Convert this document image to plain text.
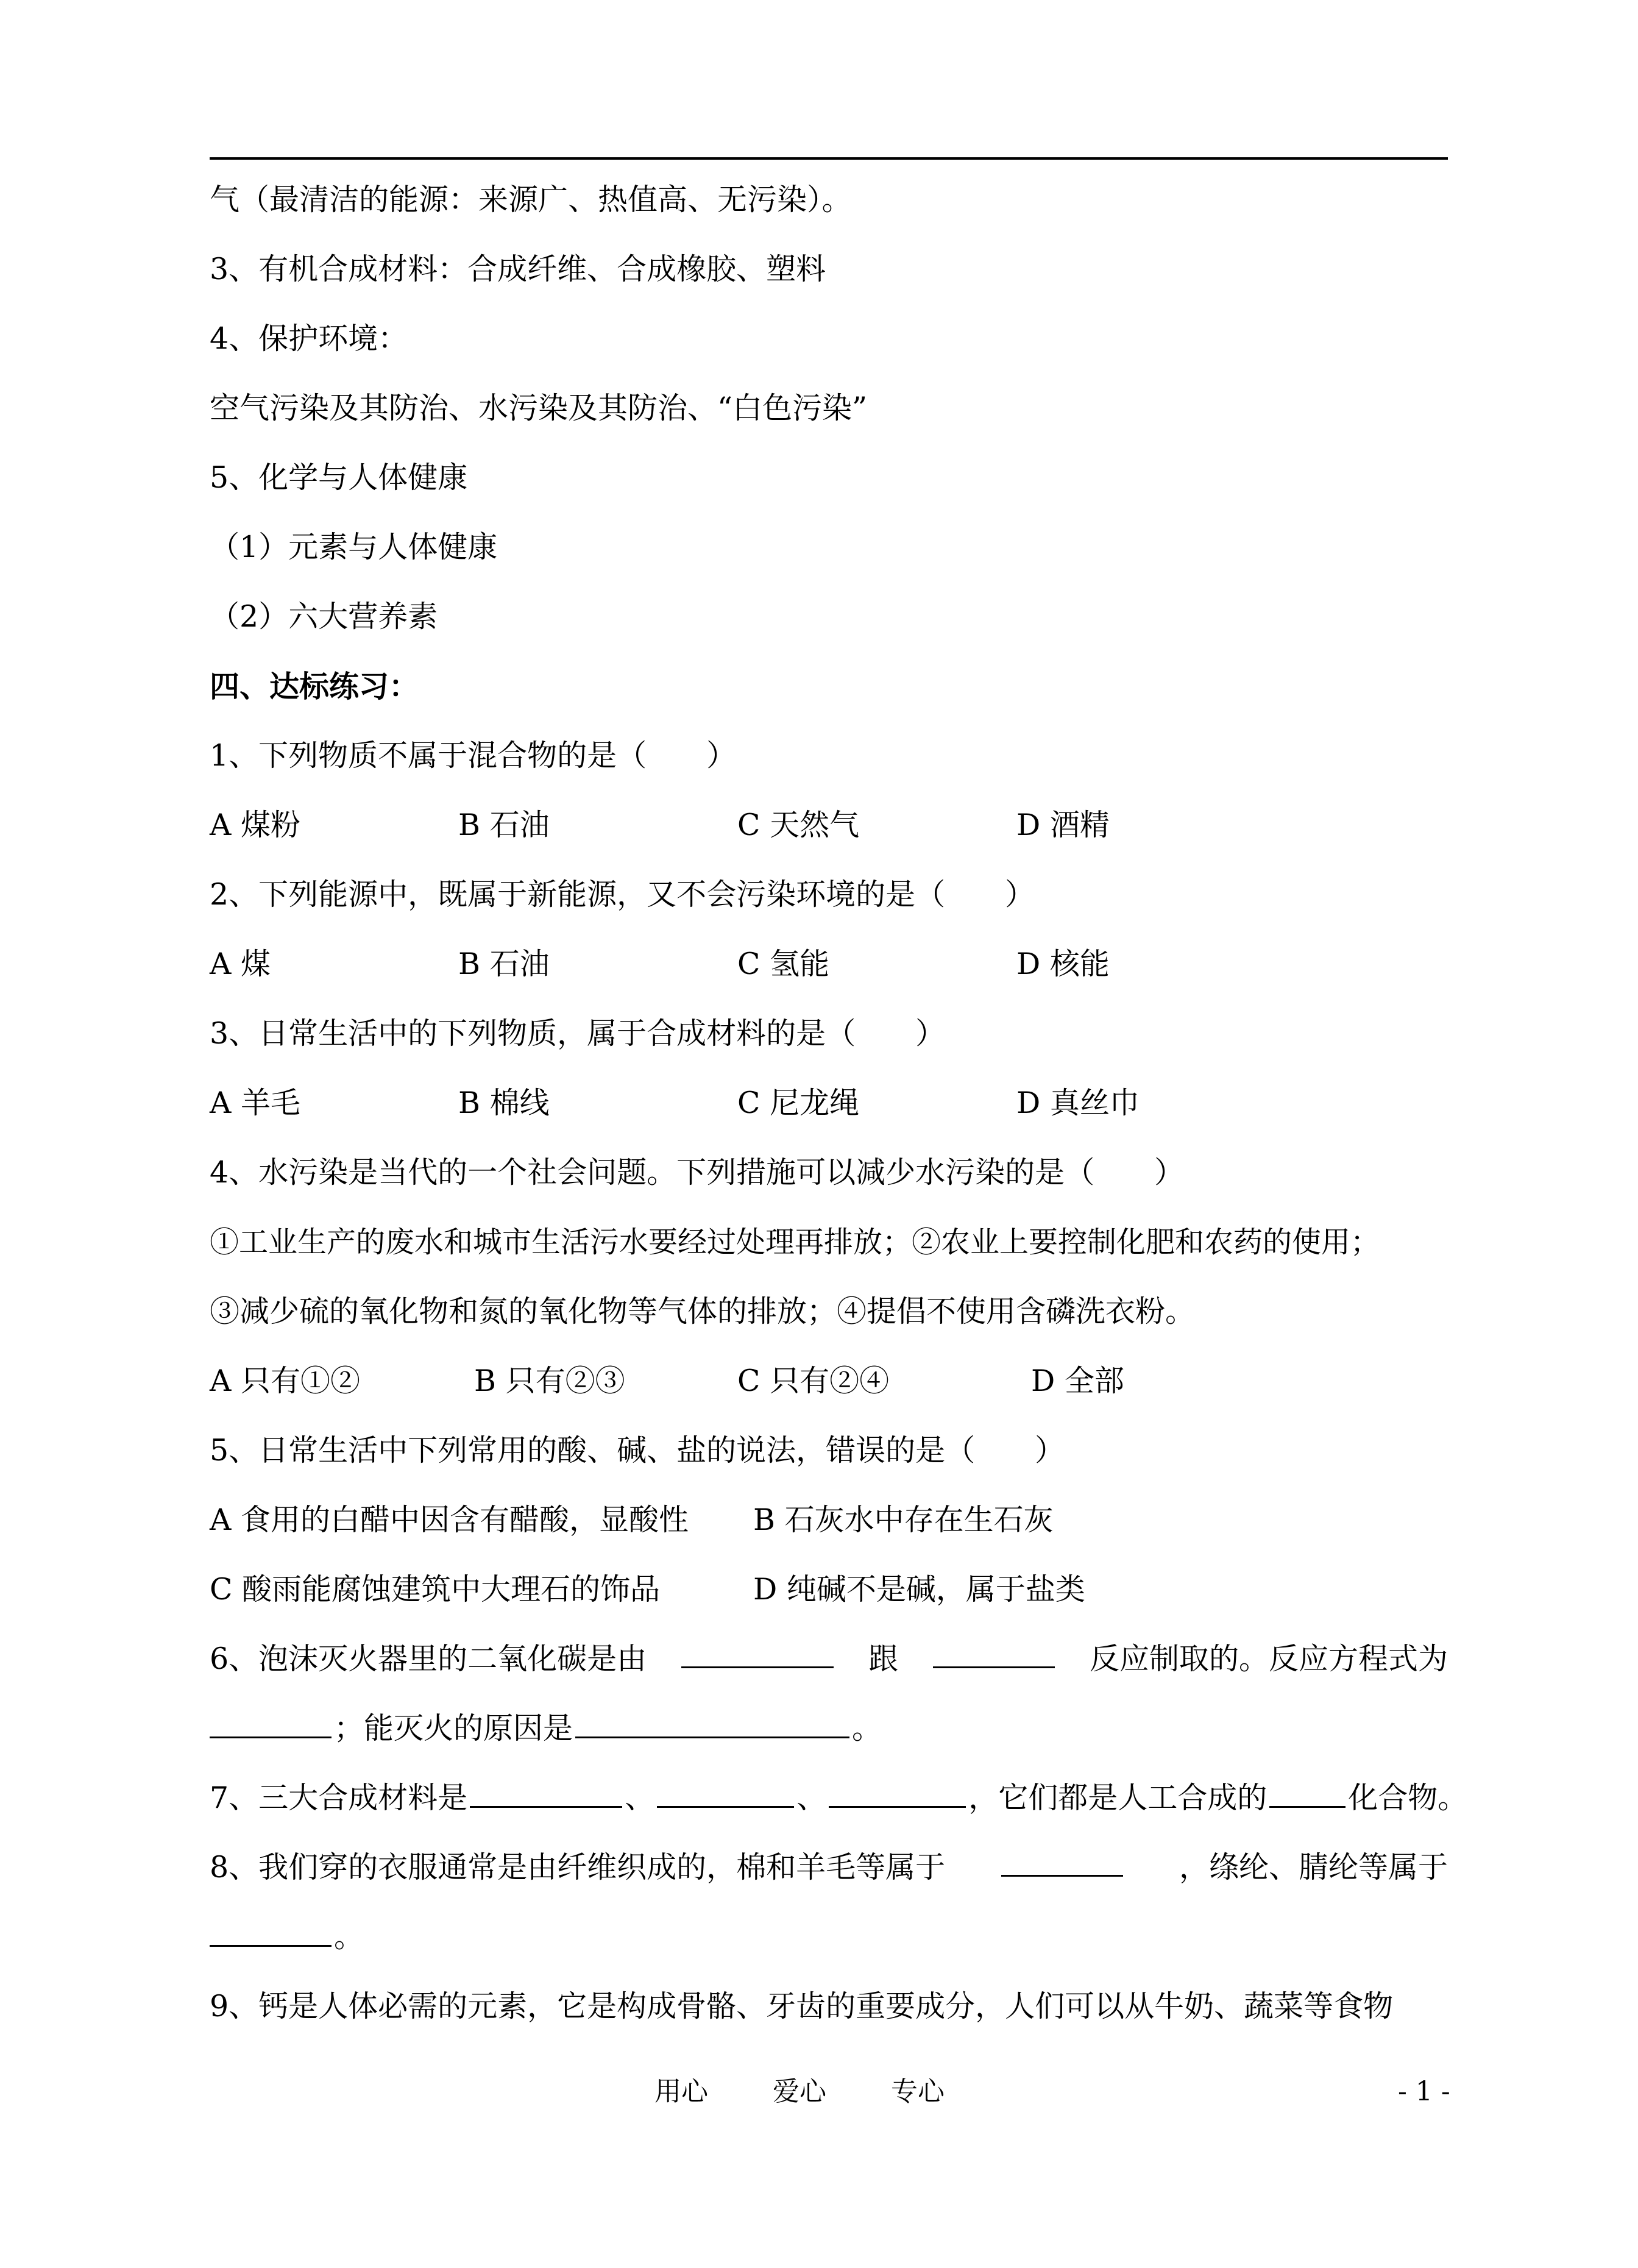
气（最清洁的能源：来源广、热值高、无污染）。
3、有机合成材料：合成纤维、合成橡胶、塑料
4、保护环境：
空气污染及其防治、水污染及其防治、“白色污染”
5、化学与人体健康
（1）元素与人体健康
（2）六大营养素
四、达标练习：
1、下列物质不属于混合物的是（　　）
A 煤粉	B 石油	C 天然气	D 酒精
2、下列能源中，既属于新能源，又不会污染环境的是（　　）
A 煤	B 石油	C 氢能	D 核能
3、日常生活中的下列物质，属于合成材料的是（　　）
A 羊毛	B 棉线	C 尼龙绳	D 真丝巾
4、水污染是当代的一个社会问题。下列措施可以减少水污染的是（　　）
①工业生产的废水和城市生活污水要经过处理再排放；②农业上要控制化肥和农药的使用；
③减少硫的氧化物和氮的氧化物等气体的排放；④提倡不使用含磷洗衣粉。
A 只有①②	B 只有②③	C 只有②④	D 全部
5、日常生活中下列常用的酸、碱、盐的说法，错误的是（　　）
A 食用的白醋中因含有醋酸，显酸性 B 石灰水中存在生石灰
C 酸雨能腐蚀建筑中大理石的饰品	D 纯碱不是碱，属于盐类
6、泡沫灭火器里的二氧化碳是由	跟	反应制取的。反应方程式为
；能灭火的原因是	。
7、三大合成材料是	、	、	，它们都是人工合成的	化合物。
8、我们穿的衣服通常是由纤维织成的，棉和羊毛等属于	，绦纶、腈纶等属于
。
9、钙是人体必需的元素，它是构成骨骼、牙齿的重要成分，人们可以从牛奶、蔬菜等食物
用心 爱心 专心	- 1 -
